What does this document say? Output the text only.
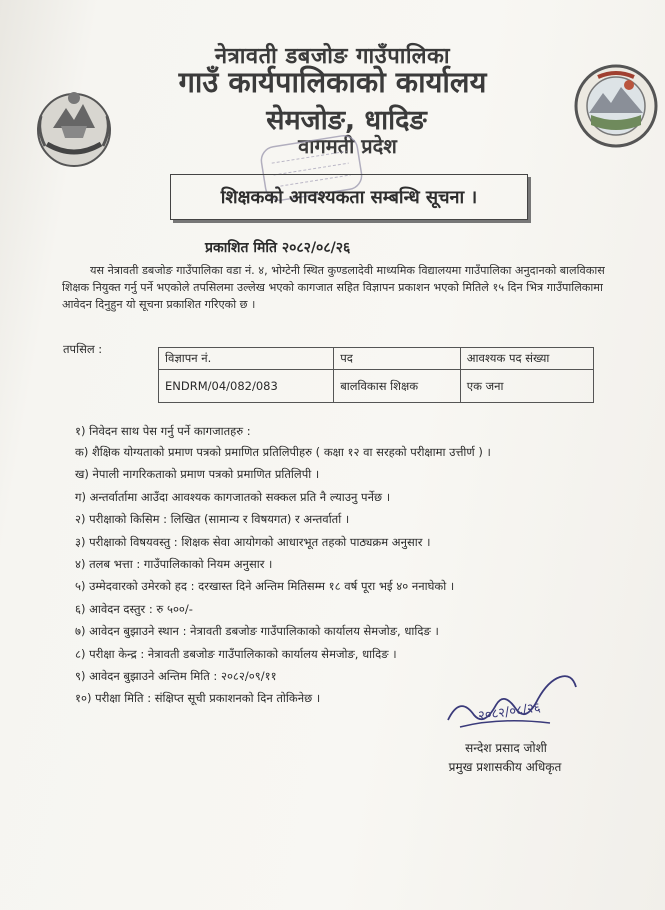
नेत्रावती डबजोङ गाउँपालिका
गाउँ कार्यपालिकाको कार्यालय
सेमजोङ, धादिङ
वागमती प्रदेश
शिक्षकको आवश्यकता सम्बन्धि सूचना ।
प्रकाशित मिति २०८२/०८/२६
यस नेत्रावती डबजोङ गाउँपालिका वडा नं. ४, भोग्टेनी स्थित कुण्डलादेवी माध्यमिक विद्यालयमा गाउँपालिका अनुदानको बालविकास शिक्षक नियुक्त गर्नु पर्ने भएकोले तपसिलमा उल्लेख भएको कागजात सहित विज्ञापन प्रकाशन भएको मितिले १५ दिन भित्र गाउँपालिकामा आवेदन दिनुहुन यो सूचना प्रकाशित गरिएको छ ।
तपसिल :
विज्ञापन नं.	पद	आवश्यक पद संख्या
ENDRM/04/082/083	बालविकास शिक्षक	एक जना
१) निवेदन साथ पेस गर्नु पर्ने कागजातहरु :
क) शैक्षिक योग्यताको प्रमाण पत्रको प्रमाणित प्रतिलिपीहरु ( कक्षा १२ वा सरहको परीक्षामा उत्तीर्ण ) ।
ख) नेपाली नागरिकताको प्रमाण पत्रको प्रमाणित प्रतिलिपी ।
ग) अन्तर्वार्तामा आउँदा आवश्यक कागजातको सक्कल प्रति नै ल्याउनु पर्नेछ ।
२) परीक्षाको किसिम : लिखित (सामान्य र विषयगत) र अन्तर्वार्ता ।
३) परीक्षाको विषयवस्तु : शिक्षक सेवा आयोगको आधारभूत तहको पाठ्यक्रम अनुसार ।
४) तलब भत्ता : गाउँपालिकाको नियम अनुसार ।
५) उम्मेदवारको उमेरको हद : दरखास्त दिने अन्तिम मितिसम्म १८ वर्ष पूरा भई ४० ननाघेको ।
६) आवेदन दस्तुर : रु ५००/-
७) आवेदन बुझाउने स्थान : नेत्रावती डबजोङ गाउँपालिकाको कार्यालय सेमजोङ, धादिङ ।
८) परीक्षा केन्द्र : नेत्रावती डबजोङ गाउँपालिकाको कार्यालय सेमजोङ, धादिङ ।
९) आवेदन बुझाउने अन्तिम मिति : २०८२/०९/११
१०) परीक्षा मिति : संक्षिप्त सूची प्रकाशनको दिन तोकिनेछ ।
२०८२/०८/२६
सन्देश प्रसाद जोशी
प्रमुख प्रशासकीय अधिकृत
